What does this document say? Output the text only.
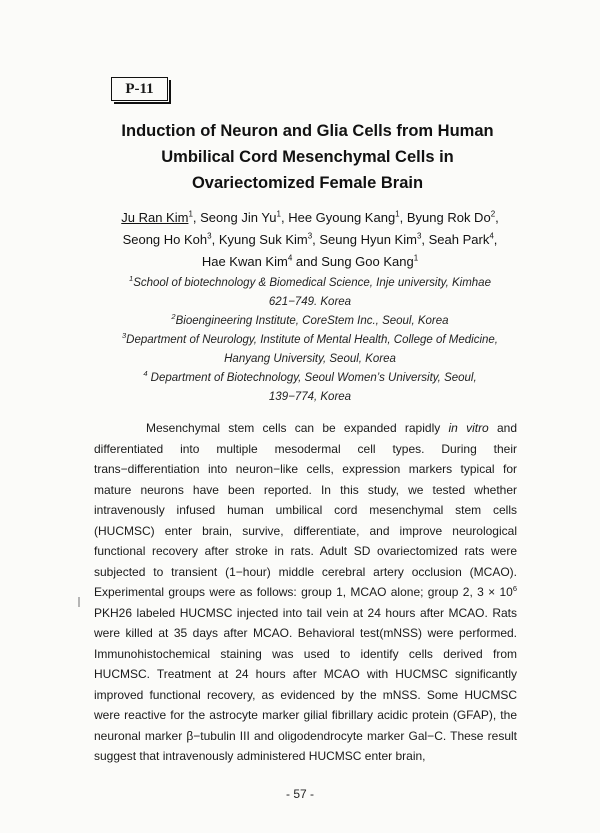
P-11
Induction of Neuron and Glia Cells from Human
Umbilical Cord Mesenchymal Cells in
Ovariectomized Female Brain
Ju Ran Kim$^1$, Seong Jin Yu$^1$, Hee Gyoung Kang$^1$, Byung Rok Do$^2$,
Seong Ho Koh$^3$, Kyung Suk Kim$^3$, Seung Hyun Kim$^3$, Seah Park$^4$,
Hae Kwan Kim$^4$ and Sung Goo Kang$^1$
$^1$School of biotechnology & Biomedical Science, Inje university, Kimhae
621−749. Korea
$^2$Bioengineering Institute, CoreStem Inc., Seoul, Korea
$^3$Department of Neurology, Institute of Mental Health, College of Medicine,
Hanyang University, Seoul, Korea
$^4$ Department of Biotechnology, Seoul Women’s University, Seoul,
139−774, Korea

Mesenchymal stem cells can be expanded rapidly in vitro and differentiated into multiple mesodermal cell types. During their trans−differentiation into neuron−like cells, expression markers typical for mature neurons have been reported. In this study, we tested whether intravenously infused human umbilical cord mesenchymal stem cells (HUCMSC) enter brain, survive, differentiate, and improve neurological functional recovery after stroke in rats. Adult SD ovariectomized rats were subjected to transient (1−hour) middle cerebral artery occlusion (MCAO). Experimental groups were as follows: group 1, MCAO alone; group 2, $3 \times 10^6$ PKH26 labeled HUCMSC injected into tail vein at 24 hours after MCAO. Rats were killed at 35 days after MCAO. Behavioral test(mNSS) were performed. Immunohistochemical staining was used to identify cells derived from HUCMSC. Treatment at 24 hours after MCAO with HUCMSC significantly improved functional recovery, as evidenced by the mNSS. Some HUCMSC were reactive for the astrocyte marker gilial fibrillary acidic protein (GFAP), the neuronal marker β−tubulin III and oligodendrocyte marker Gal−C. These result suggest that intravenously administered HUCMSC enter brain,

- 57 -
